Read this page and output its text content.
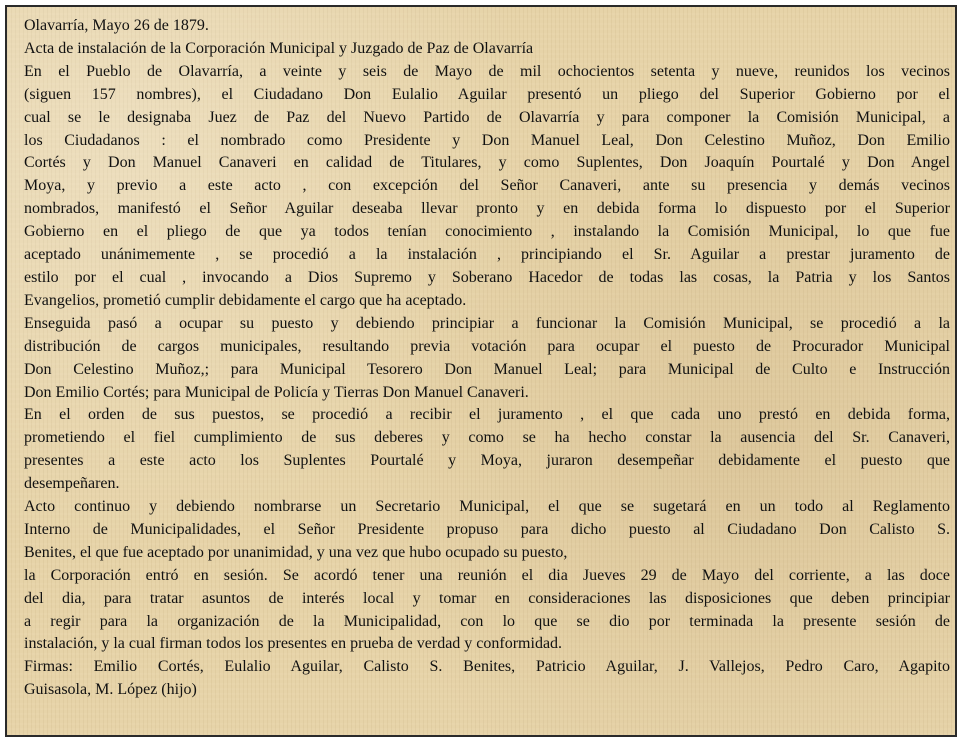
Olavarría, Mayo 26 de 1879.

Acta de instalación de la Corporación Municipal y Juzgado de Paz de Olavarría

En el Pueblo de Olavarría, a veinte y seis de Mayo de mil ochocientos setenta y nueve, reunidos los vecinos
(siguen 157 nombres), el Ciudadano Don Eulalio Aguilar presentó un pliego del Superior Gobierno por el
cual se le designaba Juez de Paz del Nuevo Partido de Olavarría y para componer la Comisión Municipal, a
los Ciudadanos : el nombrado como Presidente y Don Manuel Leal, Don Celestino Muñoz, Don Emilio
Cortés y Don Manuel Canaveri en calidad de Titulares, y como Suplentes, Don Joaquín Pourtalé y Don Angel
Moya, y previo a este acto , con excepción del Señor Canaveri, ante su presencia y demás vecinos
nombrados, manifestó el Señor Aguilar deseaba llevar pronto y en debida forma lo dispuesto por el Superior
Gobierno en el pliego de que ya todos tenían conocimiento , instalando la Comisión Municipal, lo que fue
aceptado unánimemente , se procedió a la instalación , principiando el Sr. Aguilar a prestar juramento de
estilo por el cual , invocando a Dios Supremo y Soberano Hacedor de todas las cosas, la Patria y los Santos
Evangelios, prometió cumplir debidamente el cargo que ha aceptado.

Enseguida pasó a ocupar su puesto y debiendo principiar a funcionar la Comisión Municipal, se procedió a la
distribución de cargos municipales, resultando previa votación para ocupar el puesto de Procurador Municipal
Don Celestino Muñoz,; para Municipal Tesorero Don Manuel Leal; para Municipal de Culto e Instrucción
Don Emilio Cortés; para Municipal de Policía y Tierras Don Manuel Canaveri.

En el orden de sus puestos, se procedió a recibir el juramento , el que cada uno prestó en debida forma,
prometiendo el fiel cumplimiento de sus deberes y como se ha hecho constar la ausencia del Sr. Canaveri,
presentes a este acto los Suplentes Pourtalé y Moya, juraron desempeñar debidamente el puesto que
desempeñaren.

Acto continuo y debiendo nombrarse un Secretario Municipal, el que se sugetará en un todo al Reglamento
Interno de Municipalidades, el Señor Presidente propuso para dicho puesto al Ciudadano Don Calisto S.
Benites, el que fue aceptado por unanimidad, y una vez que hubo ocupado su puesto,

la Corporación entró en sesión. Se acordó tener una reunión el dia Jueves 29 de Mayo del corriente, a las doce
del dia, para tratar asuntos de interés local y tomar en consideraciones las disposiciones que deben principiar
a regir para la organización de la Municipalidad, con lo que se dio por terminada la presente sesión de
instalación, y la cual firman todos los presentes en prueba de verdad y conformidad.

Firmas: Emilio Cortés, Eulalio Aguilar, Calisto S. Benites, Patricio Aguilar, J. Vallejos, Pedro Caro, Agapito
Guisasola, M. López (hijo)
